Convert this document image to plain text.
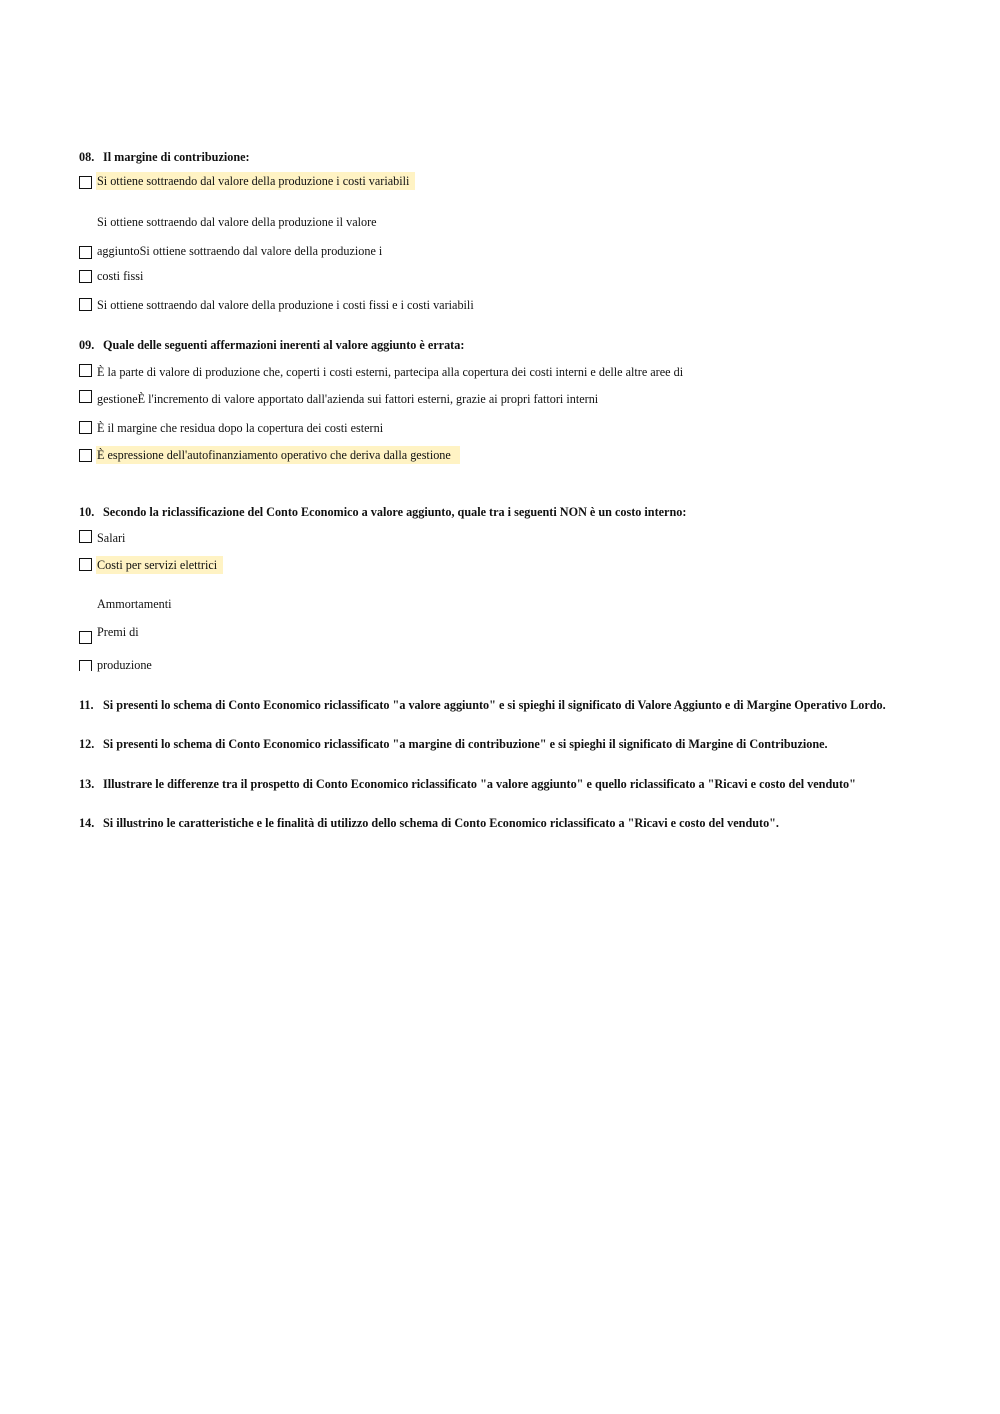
08. Il margine di contribuzione:
Si ottiene sottraendo dal valore della produzione i costi variabili
Si ottiene sottraendo dal valore della produzione il valore
aggiuntoSi ottiene sottraendo dal valore della produzione i
costi fissi
Si ottiene sottraendo dal valore della produzione i costi fissi e i costi variabili
09. Quale delle seguenti affermazioni inerenti al valore aggiunto è errata:
È la parte di valore di produzione che, coperti i costi esterni, partecipa alla copertura dei costi interni e delle altre aree di
gestioneÈ l'incremento di valore apportato dall'azienda sui fattori esterni, grazie ai propri fattori interni
È il margine che residua dopo la copertura dei costi esterni
È espressione dell'autofinanziamento operativo che deriva dalla gestione
10. Secondo la riclassificazione del Conto Economico a valore aggiunto, quale tra i seguenti NON è un costo interno:
Salari
Costi per servizi elettrici
Ammortamenti
Premi di
produzione
11. Si presenti lo schema di Conto Economico riclassificato "a valore aggiunto" e si spieghi il significato di Valore Aggiunto e di Margine Operativo Lordo.
12. Si presenti lo schema di Conto Economico riclassificato "a margine di contribuzione" e si spieghi il significato di Margine di Contribuzione.
13. Illustrare le differenze tra il prospetto di Conto Economico riclassificato "a valore aggiunto" e quello riclassificato a "Ricavi e costo del venduto"
14. Si illustrino le caratteristiche e le finalità di utilizzo dello schema di Conto Economico riclassificato a "Ricavi e costo del venduto".
